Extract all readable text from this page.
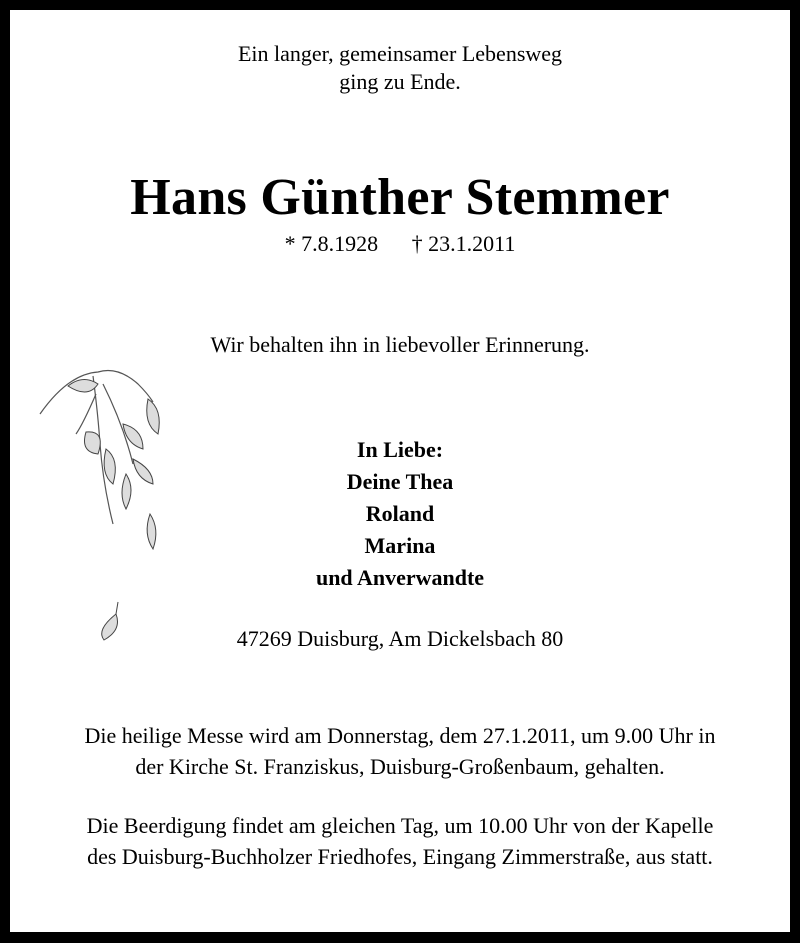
Ein langer, gemeinsamer Lebensweg
ging zu Ende.
Hans Günther Stemmer
* 7.8.1928 † 23.1.2011
Wir behalten ihn in liebevoller Erinnerung.
In Liebe:
Deine Thea
Roland
Marina
und Anverwandte
47269 Duisburg, Am Dickelsbach 80
Die heilige Messe wird am Donnerstag, dem 27.1.2011, um 9.00 Uhr in
der Kirche St. Franziskus, Duisburg-Großenbaum, gehalten.
Die Beerdigung findet am gleichen Tag, um 10.00 Uhr von der Kapelle
des Duisburg-Buchholzer Friedhofes, Eingang Zimmerstraße, aus statt.
